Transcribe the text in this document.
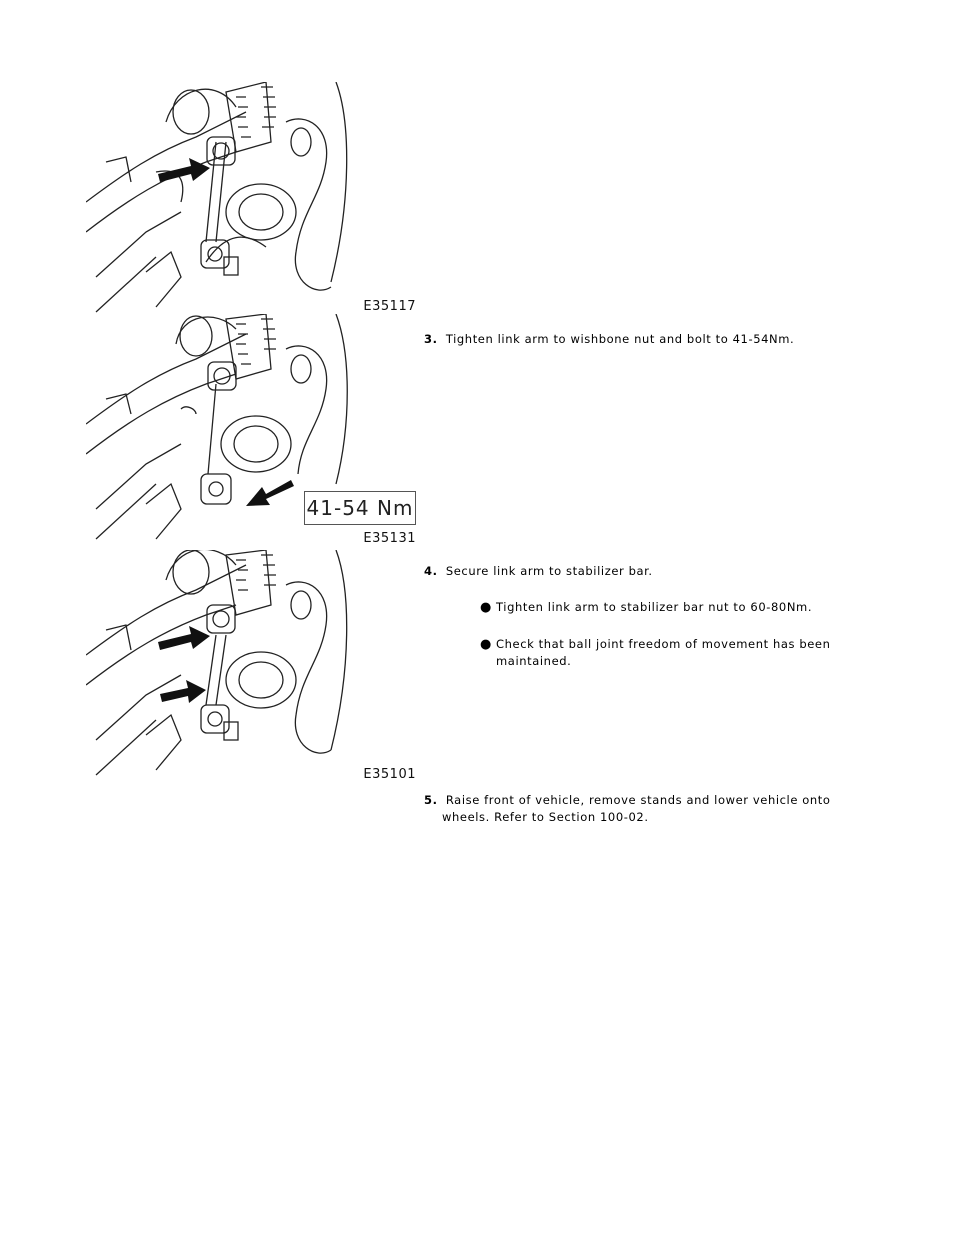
E35117
41-54 Nm
E35131
E35101
3. Tighten link arm to wishbone nut and bolt to 41-54Nm.
4. Secure link arm to stabilizer bar.
● Tighten link arm to stabilizer bar nut to 60-80Nm.
● Check that ball joint freedom of movement has been
maintained.
5. Raise front of vehicle, remove stands and lower vehicle onto
wheels. Refer to Section 100-02.
